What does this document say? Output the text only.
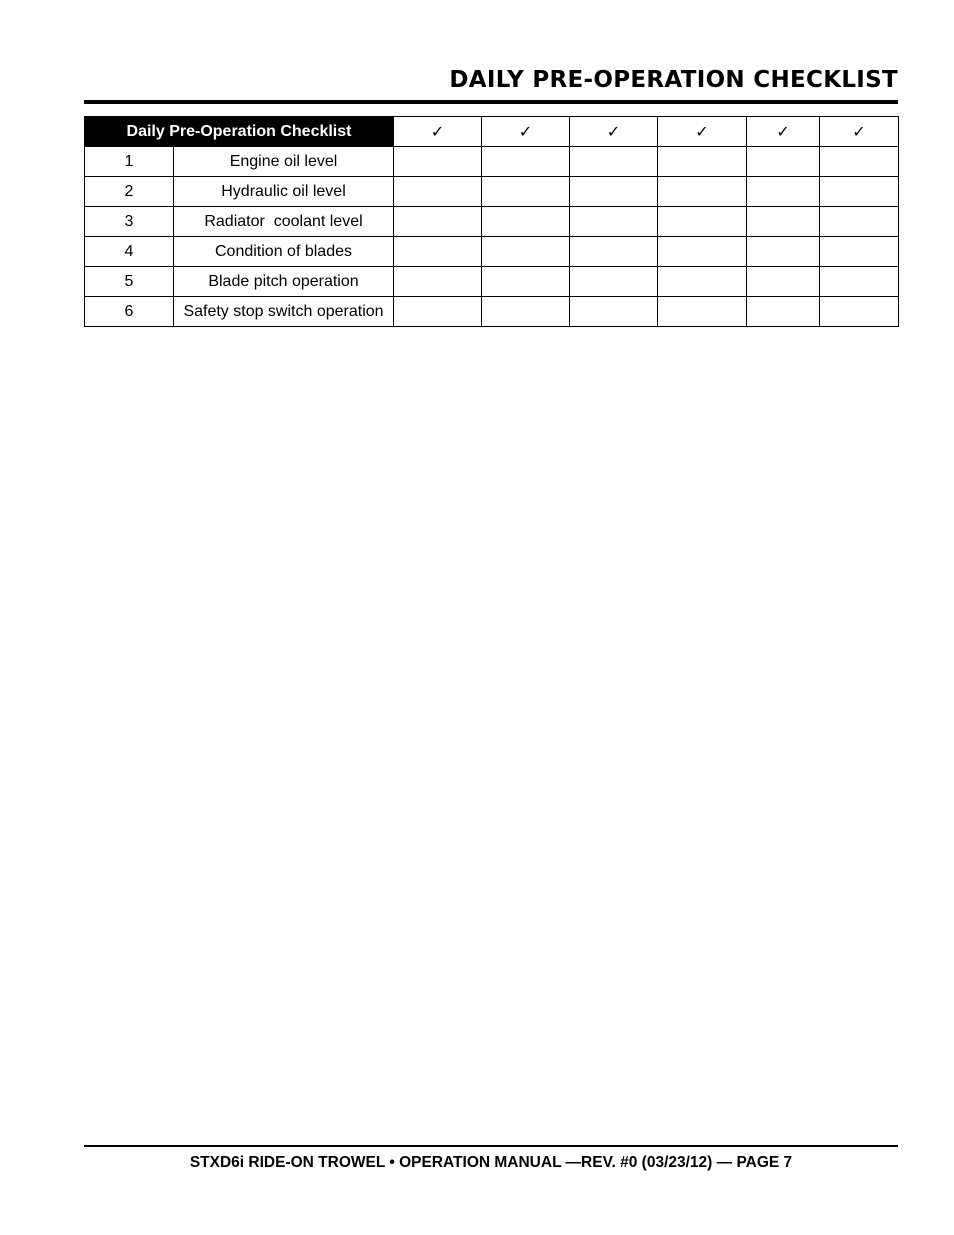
DAILY PRE-OPERATION CHECKLIST
Daily Pre-Operation Checklist		✓	✓	✓	✓	✓	✓
1	Engine oil level						
2	Hydraulic oil level						
3	Radiator  coolant level						
4	Condition of blades						
5	Blade pitch operation						
6	Safety stop switch operation						
STXD6i RIDE-ON TROWEL • OPERATION MANUAL —REV. #0 (03/23/12) — PAGE 7
